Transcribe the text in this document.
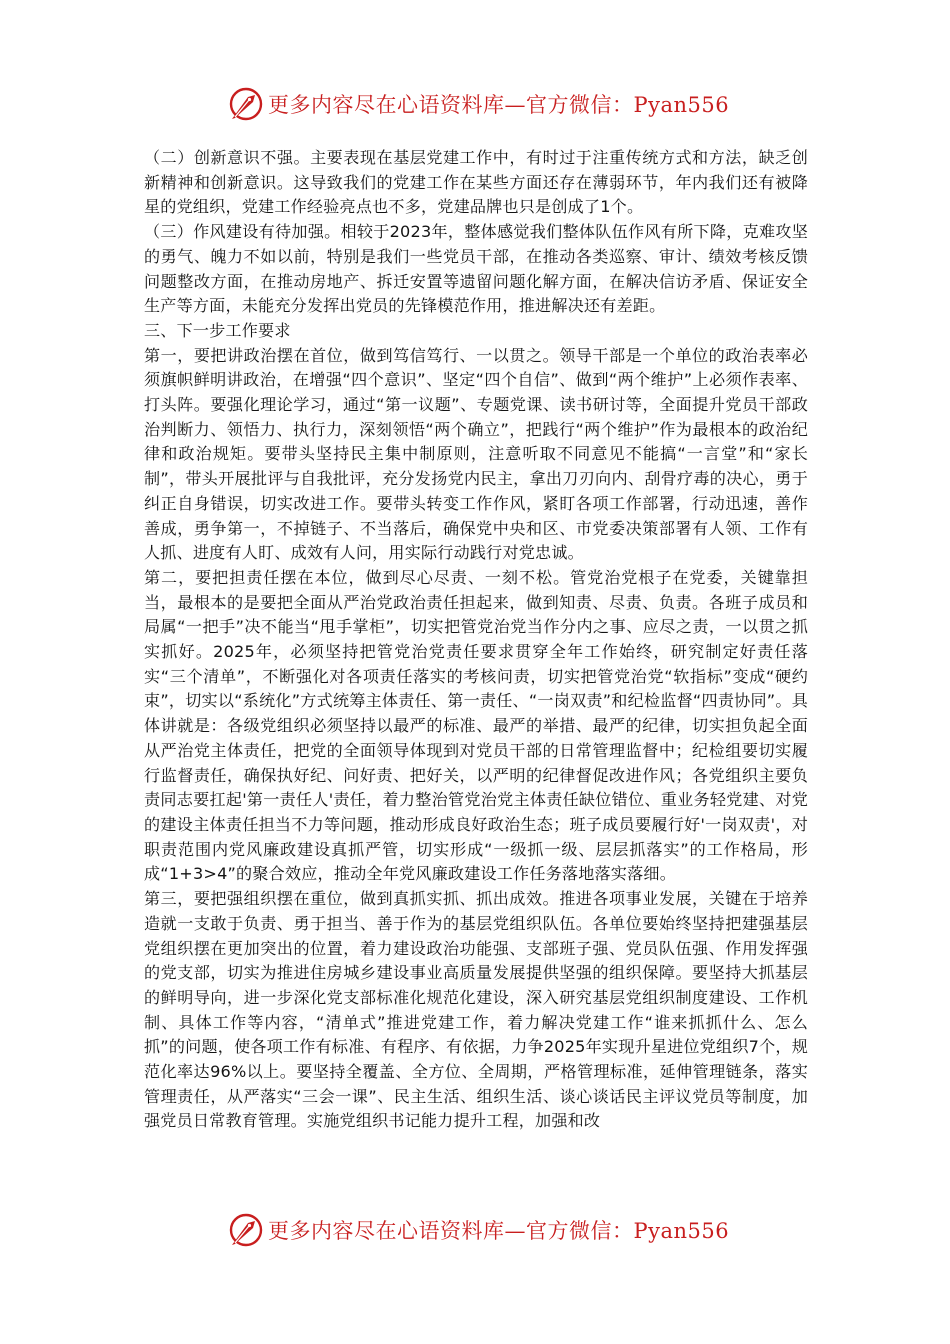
更多内容尽在心语资料库—官方微信：Pyan556

（二）创新意识不强。主要表现在基层党建工作中，有时过于注重传统方式和方法，缺乏创新精神和创新意识。这导致我们的党建工作在某些方面还存在薄弱环节，年内我们还有被降星的党组织，党建工作经验亮点也不多，党建品牌也只是创成了1个。

（三）作风建设有待加强。相较于2023年，整体感觉我们整体队伍作风有所下降，克难攻坚的勇气、魄力不如以前，特别是我们一些党员干部，在推动各类巡察、审计、绩效考核反馈问题整改方面，在推动房地产、拆迁安置等遗留问题化解方面，在解决信访矛盾、保证安全生产等方面，未能充分发挥出党员的先锋模范作用，推进解决还有差距。

三、下一步工作要求

第一，要把讲政治摆在首位，做到笃信笃行、一以贯之。领导干部是一个单位的政治表率必须旗帜鲜明讲政治，在增强“四个意识”、坚定“四个自信”、做到“两个维护”上必须作表率、打头阵。要强化理论学习，通过“第一议题”、专题党课、读书研讨等，全面提升党员干部政治判断力、领悟力、执行力，深刻领悟“两个确立”，把践行“两个维护”作为最根本的政治纪律和政治规矩。要带头坚持民主集中制原则，注意听取不同意见不能搞“一言堂”和“家长制”，带头开展批评与自我批评，充分发扬党内民主，拿出刀刃向内、刮骨疗毒的决心，勇于纠正自身错误，切实改进工作。要带头转变工作作风，紧盯各项工作部署，行动迅速，善作善成，勇争第一，不掉链子、不当落后，确保党中央和区、市党委决策部署有人领、工作有人抓、进度有人盯、成效有人问，用实际行动践行对党忠诚。

第二，要把担责任摆在本位，做到尽心尽责、一刻不松。管党治党根子在党委，关键靠担当，最根本的是要把全面从严治党政治责任担起来，做到知责、尽责、负责。各班子成员和局属“一把手”决不能当“甩手掌柜”，切实把管党治党当作分内之事、应尽之责，一以贯之抓实抓好。2025年，必须坚持把管党治党责任要求贯穿全年工作始终，研究制定好责任落实“三个清单”，不断强化对各项责任落实的考核问责，切实把管党治党“软指标”变成“硬约束”，切实以“系统化”方式统筹主体责任、第一责任、“一岗双责”和纪检监督“四责协同”。具体讲就是：各级党组织必须坚持以最严的标准、最严的举措、最严的纪律，切实担负起全面从严治党主体责任，把党的全面领导体现到对党员干部的日常管理监督中；纪检组要切实履行监督责任，确保执好纪、问好责、把好关，以严明的纪律督促改进作风；各党组织主要负责同志要扛起'第一责任人'责任，着力整治管党治党主体责任缺位错位、重业务轻党建、对党的建设主体责任担当不力等问题，推动形成良好政治生态；班子成员要履行好'一岗双责'，对职责范围内党风廉政建设真抓严管，切实形成“一级抓一级、层层抓落实”的工作格局，形成“1+3>4”的聚合效应，推动全年党风廉政建设工作任务落地落实落细。

第三，要把强组织摆在重位，做到真抓实抓、抓出成效。推进各项事业发展，关键在于培养造就一支敢于负责、勇于担当、善于作为的基层党组织队伍。各单位要始终坚持把建强基层党组织摆在更加突出的位置，着力建设政治功能强、支部班子强、党员队伍强、作用发挥强的党支部，切实为推进住房城乡建设事业高质量发展提供坚强的组织保障。要坚持大抓基层的鲜明导向，进一步深化党支部标准化规范化建设，深入研究基层党组织制度建设、工作机制、具体工作等内容，“清单式”推进党建工作，着力解决党建工作“谁来抓抓什么、怎么抓”的问题，使各项工作有标准、有程序、有依据，力争2025年实现升星进位党组织7个，规范化率达96%以上。要坚持全覆盖、全方位、全周期，严格管理标准，延伸管理链条，落实管理责任，从严落实“三会一课”、民主生活、组织生活、谈心谈话民主评议党员等制度，加强党员日常教育管理。实施党组织书记能力提升工程，加强和改

更多内容尽在心语资料库—官方微信：Pyan556
